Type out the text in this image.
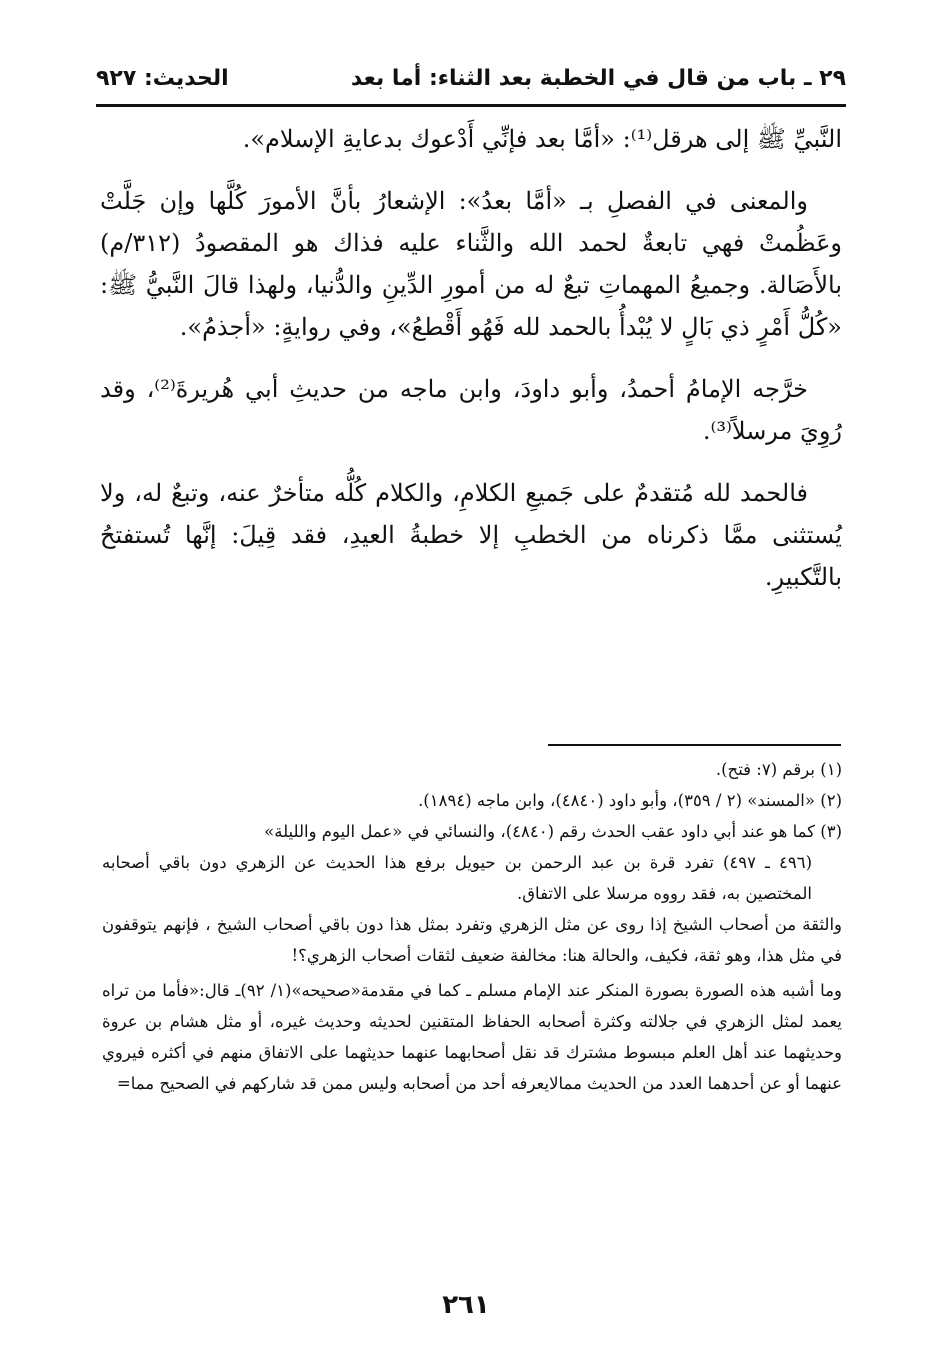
٢٩ ـ باب من قال في الخطبة بعد الثناء: أما بعد
الحديث: ٩٢٧

النَّبيِّ ﷺ إلى هرقل⁽¹⁾: «أمَّا بعد فإنِّي أَدْعوك بدعايةِ الإسلام».

والمعنى في الفصلِ بـ «أمَّا بعدُ»: الإشعارُ بأنَّ الأمورَ كُلَّها وإن جَلَّتْ وعَظُمتْ فهي تابعةٌ لحمد الله والثَّناء عليه فذاك هو المقصودُ (٣١٢/م) بالأَصَالة. وجميعُ المهماتِ تبعٌ له من أمورِ الدِّينِ والدُّنيا، ولهذا قالَ النَّبيُّ ﷺ: «كُلُّ أَمْرٍ ذي بَالٍ لا يُبْدأُ بالحمد لله فَهُو أَقْطعُ»، وفي روايةٍ: «أجذمُ».

خرَّجه الإمامُ أحمدُ، وأبو داودَ، وابن ماجه من حديثِ أبي هُريرةَ⁽²⁾، وقد رُوِيَ مرسلاً⁽³⁾.

فالحمد لله مُتقدمٌ على جَميعِ الكلامِ، والكلام كُلُّه متأخرٌ عنه، وتبعٌ له، ولا يُستثنى ممَّا ذكرناه من الخطبِ إلا خطبةُ العيدِ، فقد قِيلَ: إنَّها تُستفتحُ بالتَّكبيرِ.

(١) برقم (٧: فتح).

(٢) «المسند» (٢ / ٣٥٩)، وأبو داود (٤٨٤٠)، وابن ماجه (١٨٩٤).

(٣) كما هو عند أبي داود عقب الحدث رقم (٤٨٤٠)، والنسائي في «عمل اليوم والليلة»

(٤٩٦ ـ ٤٩٧) تفرد قرة بن عبد الرحمن بن حيويل برفع هذا الحديث عن الزهري دون باقي أصحابه المختصين به، فقد رووه مرسلا على الاتفاق.

والثقة من أصحاب الشيخ إذا روى عن مثل الزهري وتفرد بمثل هذا دون باقي أصحاب الشيخ ، فإنهم يتوقفون في مثل هذا، وهو ثقة، فكيف، والحالة هنا: مخالفة ضعيف لثقات أصحاب الزهري؟!

وما أشبه هذه الصورة بصورة المنكر عند الإمام مسلم ـ كما في مقدمة«صحيحه»(١/ ٩٢)ـ قال:«فأما من تراه يعمد لمثل الزهري في جلالته وكثرة أصحابه الحفاظ المتقنين لحديثه وحديث غيره، أو مثل هشام بن عروة وحديثهما عند أهل العلم مبسوط مشترك قد نقل أصحابهما عنهما حديثهما على الاتفاق منهم في أكثره فيروي عنهما أو عن أحدهما العدد من الحديث ممالايعرفه أحد من أصحابه وليس ممن قد شاركهم في الصحيح مما=

٢٦١
